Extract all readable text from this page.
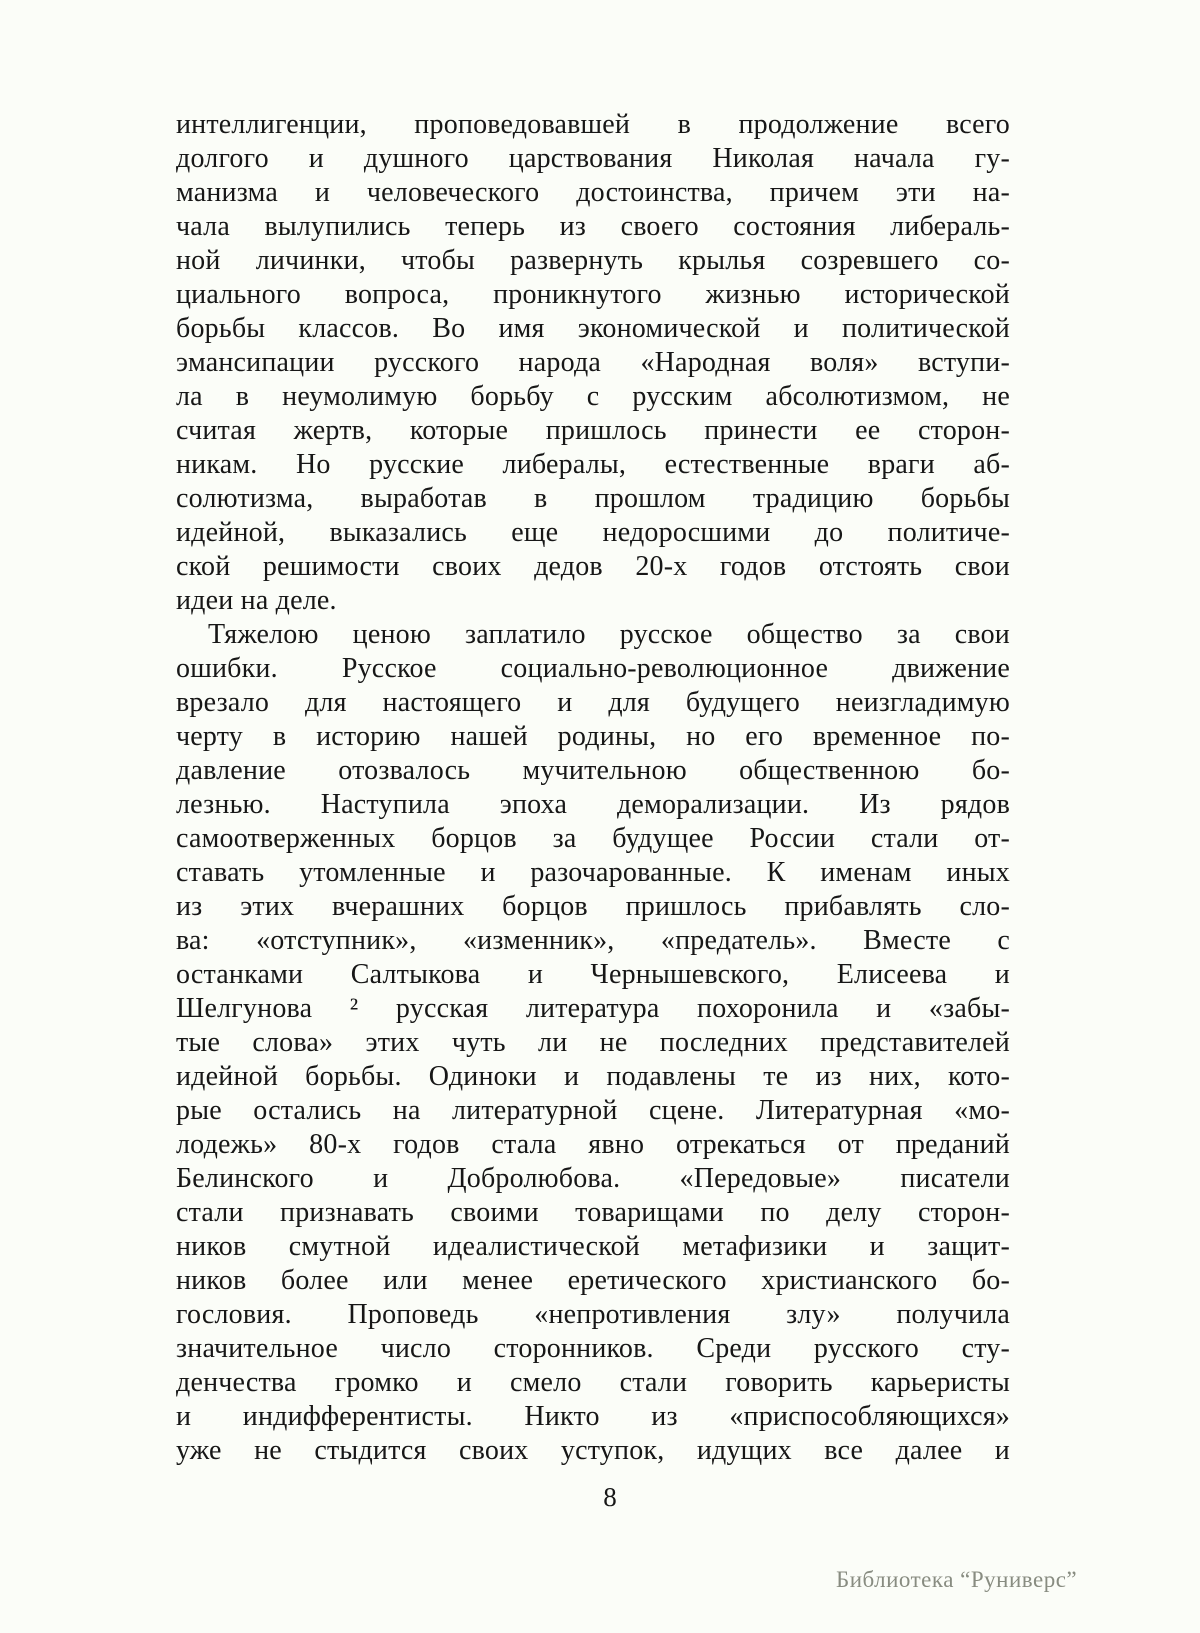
интеллигенции, проповедовавшей в продолжение всего
долгого и душного царствования Николая начала гу-
манизма и человеческого достоинства, причем эти на-
чала вылупились теперь из своего состояния либераль-
ной личинки, чтобы развернуть крылья созревшего со-
циального вопроса, проникнутого жизнью исторической
борьбы классов. Во имя экономической и политической
эмансипации русского народа «Народная воля» вступи-
ла в неумолимую борьбу с русским абсолютизмом, не
считая жертв, которые пришлось принести ее сторон-
никам. Но русские либералы, естественные враги аб-
солютизма, выработав в прошлом традицию борьбы
идейной, выказались еще недоросшими до политиче-
ской решимости своих дедов 20-х годов отстоять свои
идеи на деле.
Тяжелою ценою заплатило русское общество за свои
ошибки. Русское социально-революционное движение
врезало для настоящего и для будущего неизгладимую
черту в историю нашей родины, но его временное по-
давление отозвалось мучительною общественною бо-
лезнью. Наступила эпоха деморализации. Из рядов
самоотверженных борцов за будущее России стали от-
ставать утомленные и разочарованные. К именам иных
из этих вчерашних борцов пришлось прибавлять сло-
ва: «отступник», «изменник», «предатель». Вместе с
останками Салтыкова и Чернышевского, Елисеева и
Шелгунова ² русская литература похоронила и «забы-
тые слова» этих чуть ли не последних представителей
идейной борьбы. Одиноки и подавлены те из них, кото-
рые остались на литературной сцене. Литературная «мо-
лодежь» 80-х годов стала явно отрекаться от преданий
Белинского и Добролюбова. «Передовые» писатели
стали признавать своими товарищами по делу сторон-
ников смутной идеалистической метафизики и защит-
ников более или менее еретического христианского бо-
гословия. Проповедь «непротивления злу» получила
значительное число сторонников. Среди русского сту-
денчества громко и смело стали говорить карьеристы
и индифферентисты. Никто из «приспособляющихся»
уже не стыдится своих уступок, идущих все далее и
8
Библиотека “Руниверс”
